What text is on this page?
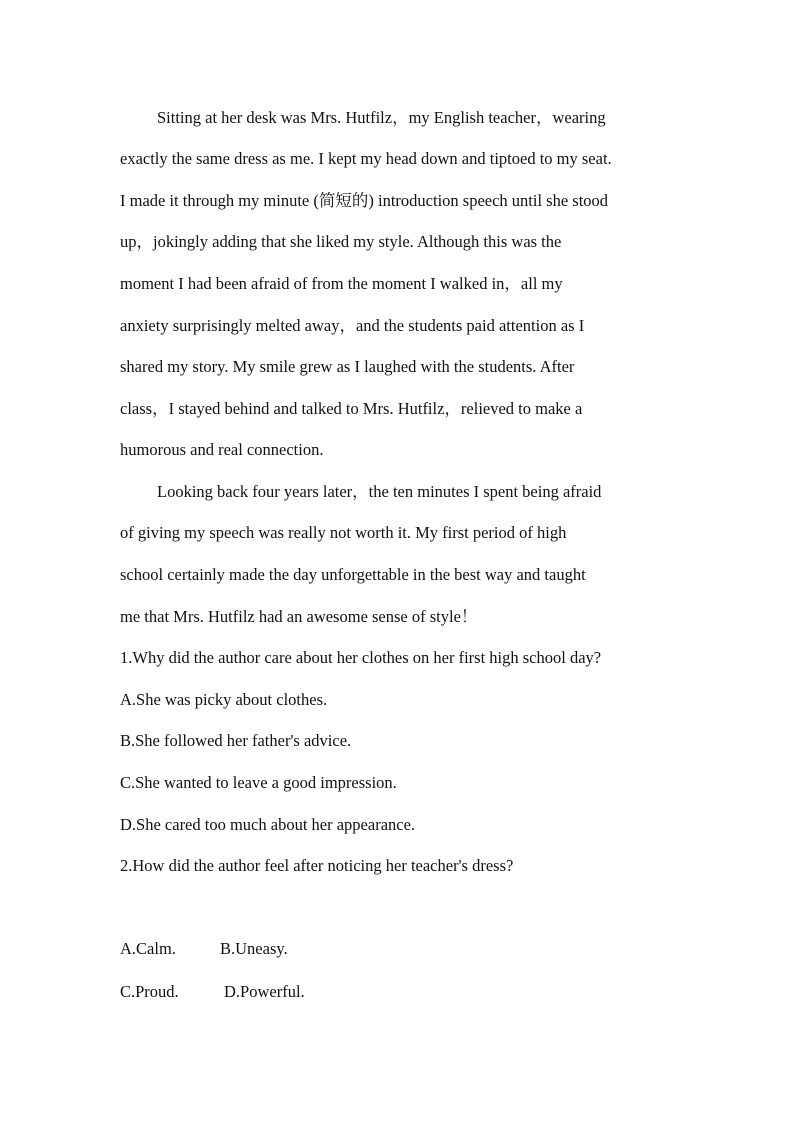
Sitting at her desk was Mrs. Hutfilz，my English teacher，wearing
exactly the same dress as me. I kept my head down and tiptoed to my seat.
I made it through my minute (简短的) introduction speech until she stood
up，jokingly adding that she liked my style. Although this was the
moment I had been afraid of from the moment I walked in，all my
anxiety surprisingly melted away，and the students paid attention as I
shared my story. My smile grew as I laughed with the students. After
class，I stayed behind and talked to Mrs. Hutfilz，relieved to make a
humorous and real connection.
Looking back four years later，the ten minutes I spent being afraid
of giving my speech was really not worth it. My first period of high
school certainly made the day unforgettable in the best way and taught
me that Mrs. Hutfilz had an awesome sense of style！
1.Why did the author care about her clothes on her first high school day?
A.She was picky about clothes.
B.She followed her father's advice.
C.She wanted to leave a good impression.
D.She cared too much about her appearance.
2.How did the author feel after noticing her teacher's dress?
A.Calm.	B.Uneasy.
C.Proud.	D.Powerful.
